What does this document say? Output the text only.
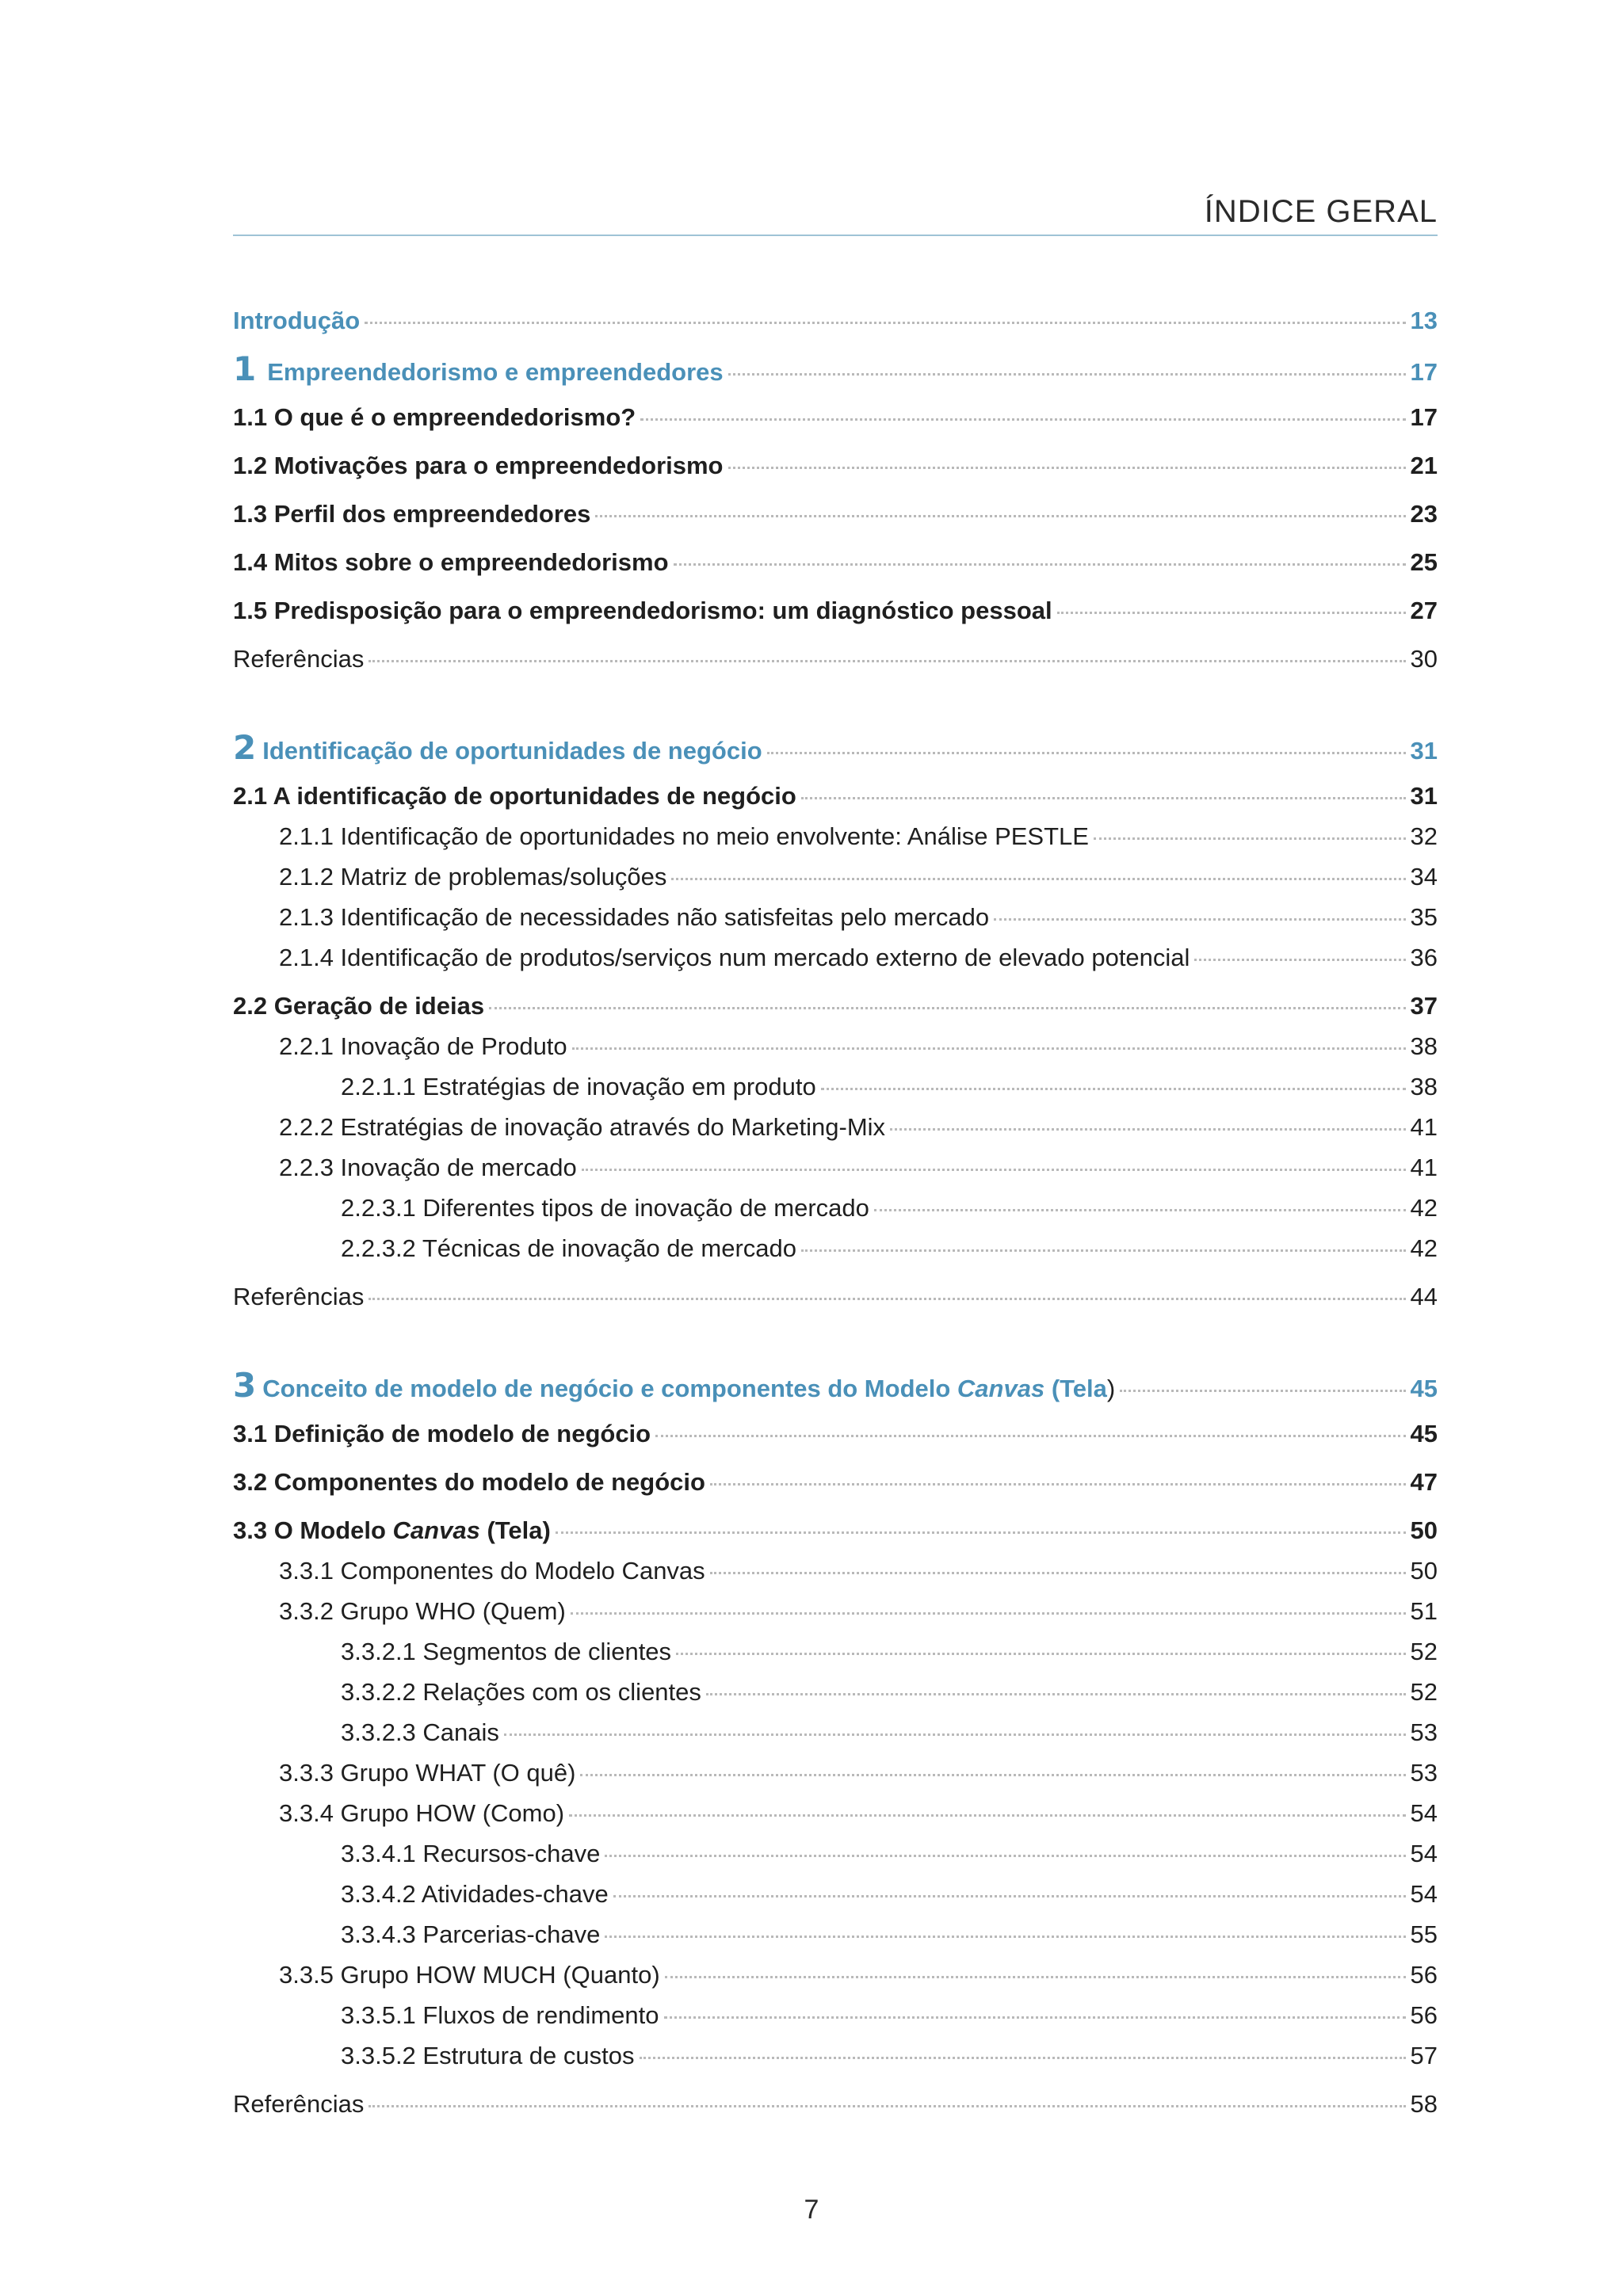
ÍNDICE GERAL
Introdução	13
1 Empreendedorismo e empreendedores	17
1.1 O que é o empreendedorismo?	17
1.2 Motivações para o empreendedorismo	21
1.3 Perfil dos empreendedores	23
1.4 Mitos sobre o empreendedorismo	25
1.5 Predisposição para o empreendedorismo: um diagnóstico pessoal	27
Referências	30
2 Identificação de oportunidades de negócio	31
2.1 A identificação de oportunidades de negócio	31
2.1.1 Identificação de oportunidades no meio envolvente: Análise PESTLE	32
2.1.2 Matriz de problemas/soluções	34
2.1.3 Identificação de necessidades não satisfeitas pelo mercado	35
2.1.4 Identificação de produtos/serviços num mercado externo de elevado potencial	36
2.2 Geração de ideias	37
2.2.1 Inovação de Produto	38
2.2.1.1 Estratégias de inovação em produto	38
2.2.2 Estratégias de inovação através do Marketing-Mix	41
2.2.3 Inovação de mercado	41
2.2.3.1 Diferentes tipos de inovação de mercado	42
2.2.3.2 Técnicas de inovação de mercado	42
Referências	44
3 Conceito de modelo de negócio e componentes do Modelo Canvas (Tela)	45
3.1 Definição de modelo de negócio	45
3.2 Componentes do modelo de negócio	47
3.3 O Modelo Canvas (Tela)	50
3.3.1 Componentes do Modelo Canvas	50
3.3.2 Grupo WHO (Quem)	51
3.3.2.1 Segmentos de clientes	52
3.3.2.2 Relações com os clientes	52
3.3.2.3 Canais	53
3.3.3 Grupo WHAT (O quê)	53
3.3.4 Grupo HOW (Como)	54
3.3.4.1 Recursos-chave	54
3.3.4.2 Atividades-chave	54
3.3.4.3 Parcerias-chave	55
3.3.5 Grupo HOW MUCH (Quanto)	56
3.3.5.1 Fluxos de rendimento	56
3.3.5.2 Estrutura de custos	57
Referências	58
7
